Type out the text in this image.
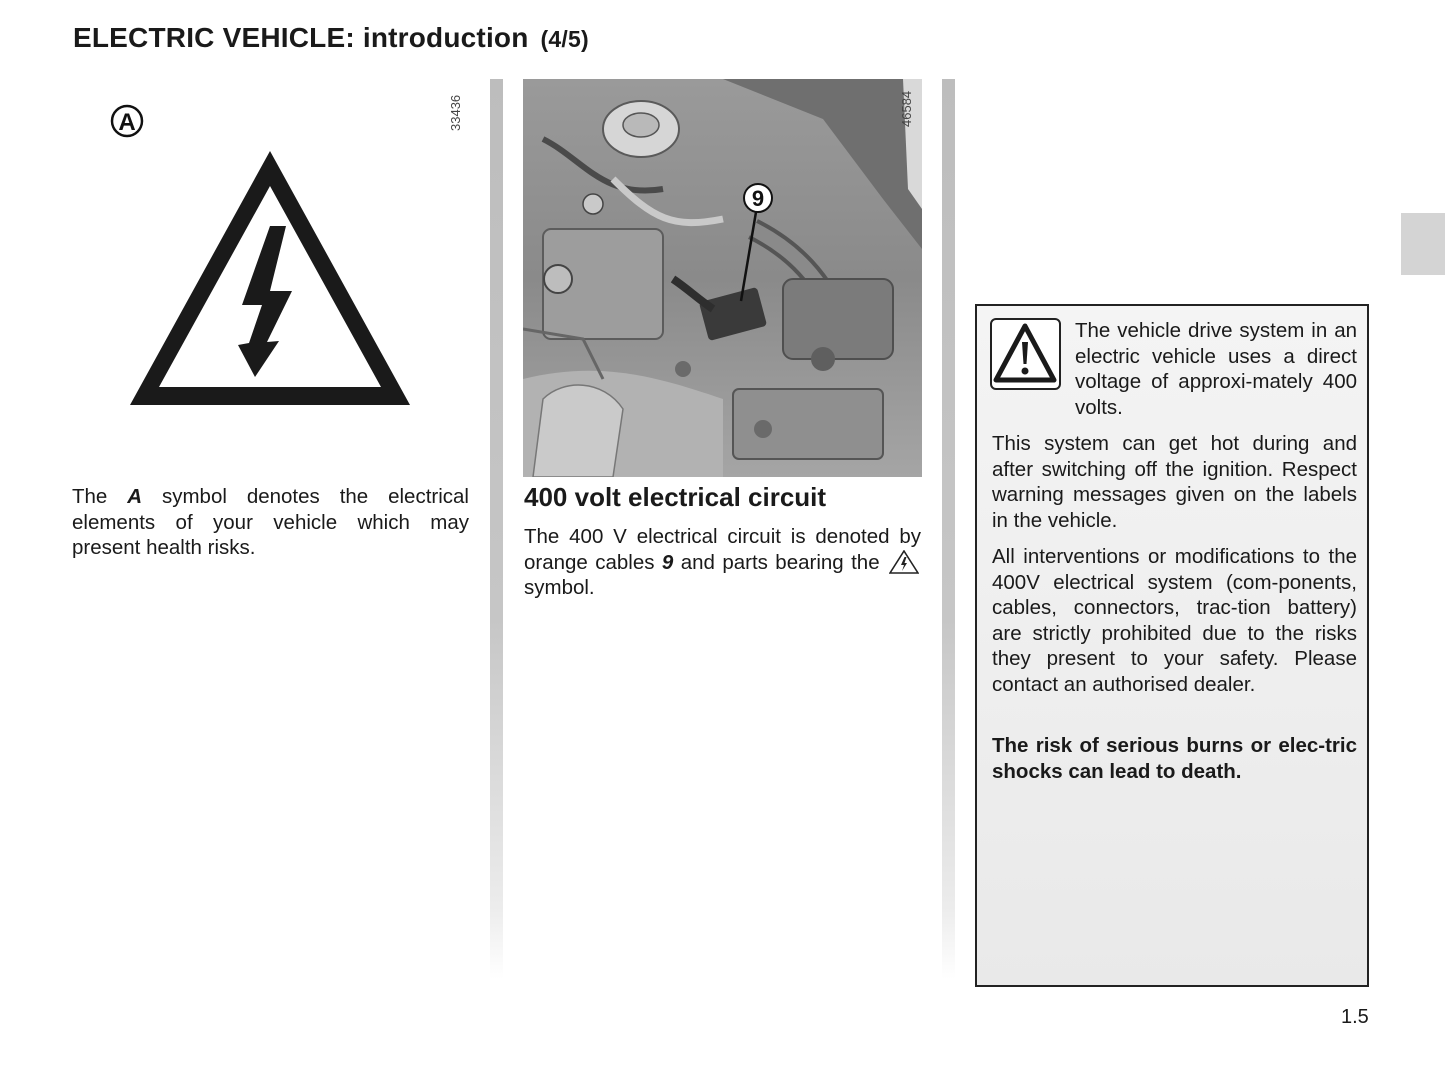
ELECTRIC VEHICLE: introduction (4/5)
A	33436

The A symbol denotes the electrical elements of your vehicle which may present health risks.

9
46584
400 volt electrical circuit

The 400 V electrical circuit is denoted by orange cables 9 and parts bearing the  symbol.

The vehicle drive system in an electric vehicle uses a direct voltage of approxi-mately 400 volts.

This system can get hot during and after switching off the ignition. Respect warning messages given on the labels in the vehicle.

All interventions or modifications to the 400V electrical system (com-ponents, cables, connectors, trac-tion battery) are strictly prohibited due to the risks they present to your safety. Please contact an authorised dealer.

The risk of serious burns or elec-tric shocks can lead to death.

1.5
